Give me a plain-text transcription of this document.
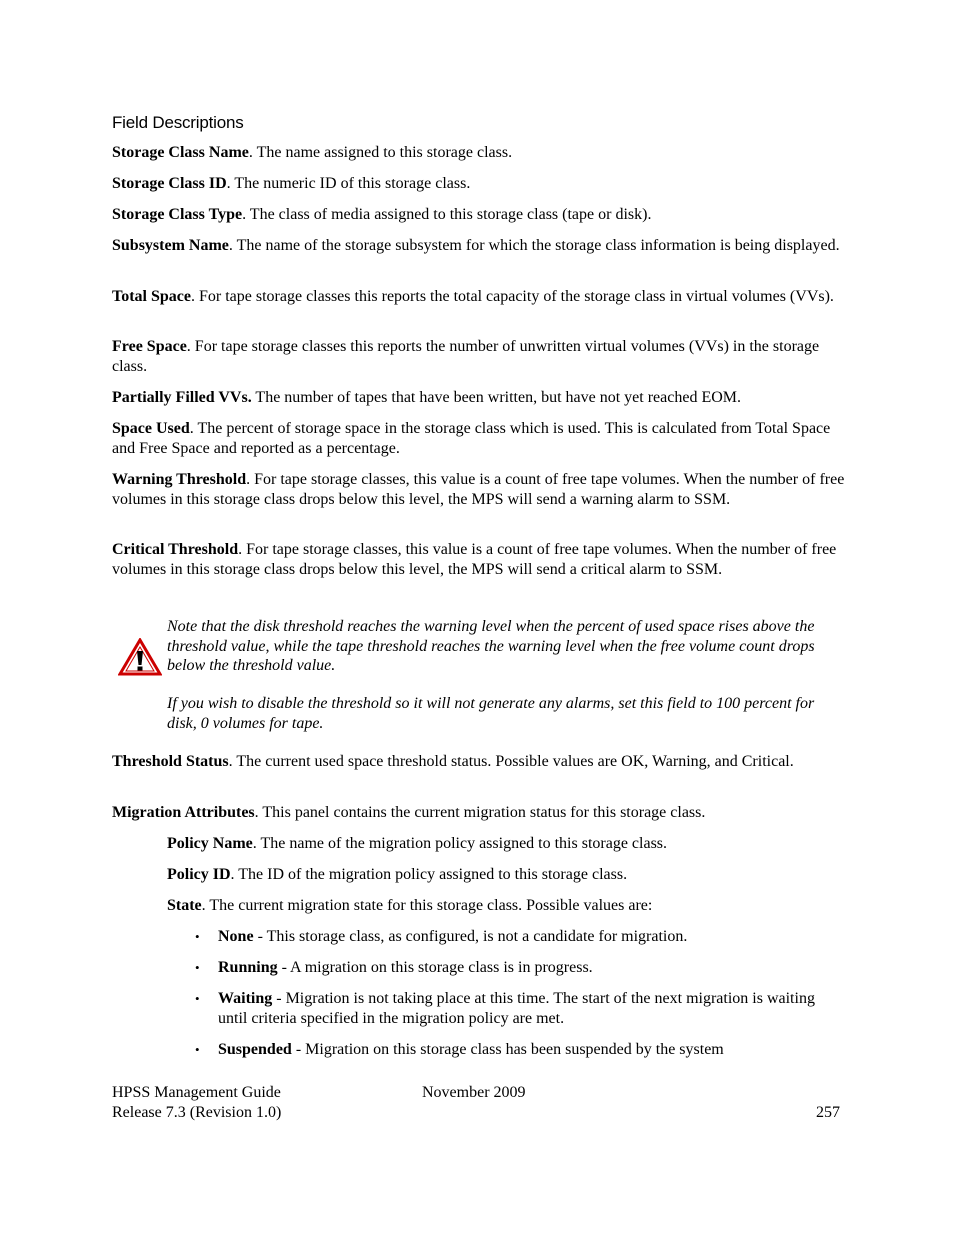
Field Descriptions
Storage Class Name. The name assigned to this storage class.
Storage Class ID. The numeric ID of this storage class.
Storage Class Type. The class of media assigned to this storage class (tape or disk).
Subsystem Name. The name of the storage subsystem for which the storage class information is being displayed.
Total Space. For tape storage classes this reports the total capacity of the storage class in virtual volumes (VVs).
Free Space. For tape storage classes this reports the number of unwritten virtual volumes (VVs) in the storage class.
Partially Filled VVs. The number of tapes that have been written, but have not yet reached EOM.
Space Used. The percent of storage space in the storage class which is used. This is calculated from Total Space and Free Space and reported as a percentage.
Warning Threshold. For tape storage classes, this value is a count of free tape volumes. When the number of free volumes in this storage class drops below this level, the MPS will send a warning alarm to SSM.
Critical Threshold. For tape storage classes, this value is a count of free tape volumes. When the number of free volumes in this storage class drops below this level, the MPS will send a critical alarm to SSM.
Note that the disk threshold reaches the warning level when the percent of used space rises above the threshold value, while the tape threshold reaches the warning level when the free volume count drops below the threshold value.
If you wish to disable the threshold so it will not generate any alarms, set this field to 100 percent for disk, 0 volumes for tape.
Threshold Status. The current used space threshold status. Possible values are OK, Warning, and Critical.
Migration Attributes. This panel contains the current migration status for this storage class.
Policy Name. The name of the migration policy assigned to this storage class.
Policy ID. The ID of the migration policy assigned to this storage class.
State. The current migration state for this storage class. Possible values are:
• None - This storage class, as configured, is not a candidate for migration.
• Running - A migration on this storage class is in progress.
• Waiting - Migration is not taking place at this time. The start of the next migration is waiting until criteria specified in the migration policy are met.
• Suspended - Migration on this storage class has been suspended by the system
HPSS Management Guide
Release 7.3 (Revision 1.0)
November 2009
257
